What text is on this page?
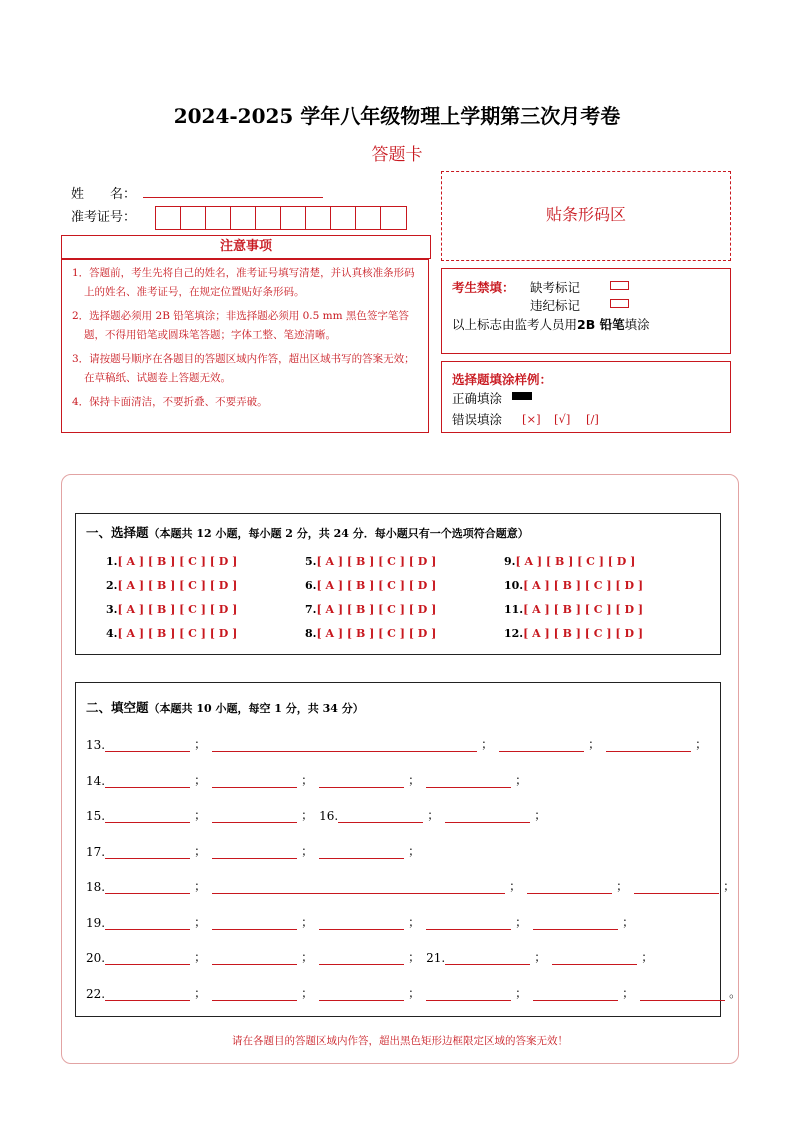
2024-2025 学年八年级物理上学期第三次月考卷
答题卡
姓　　名：
准考证号：
注意事项

1．答题前，考生先将自己的姓名，准考证号填写清楚，并认真核准条形码上的姓名、准考证号，在规定位置贴好条形码。

2．选择题必须用 2B 铅笔填涂；非选择题必须用 0.5 mm 黑色签字笔答题，不得用铅笔或圆珠笔答题；字体工整、笔迹清晰。

3．请按题号顺序在各题目的答题区域内作答，超出区域书写的答案无效；在草稿纸、试题卷上答题无效。

4．保持卡面清洁，不要折叠、不要弄破。

贴条形码区
考生禁填： 缺考标记
违纪标记
以上标志由监考人员用2B 铅笔填涂
选择题填涂样例：
正确填涂
错误填涂 [×] [√] [/]
一、选择题（本题共 12 小题，每小题 2 分，共 24 分．每小题只有一个选项符合题意）
1.[ A ] [ B ] [ C ] [ D ]
2.[ A ] [ B ] [ C ] [ D ]
3.[ A ] [ B ] [ C ] [ D ]
4.[ A ] [ B ] [ C ] [ D ]
5.[ A ] [ B ] [ C ] [ D ]
6.[ A ] [ B ] [ C ] [ D ]
7.[ A ] [ B ] [ C ] [ D ]
8.[ A ] [ B ] [ C ] [ D ]
9.[ A ] [ B ] [ C ] [ D ]
10.[ A ] [ B ] [ C ] [ D ]
11.[ A ] [ B ] [ C ] [ D ]
12.[ A ] [ B ] [ C ] [ D ]
二、填空题（本题共 10 小题，每空 1 分，共 34 分）
13.	；	；	；	；
14.	；	；	；	；
15.	；	； 16.	；	；
17.	；	；	；
18.	；	；	；	；
19.	；	；	；	；	；
20.	；	；	； 21.	；	；
22.	；	；	；	；	；	。
请在各题目的答题区域内作答，超出黑色矩形边框限定区域的答案无效！
